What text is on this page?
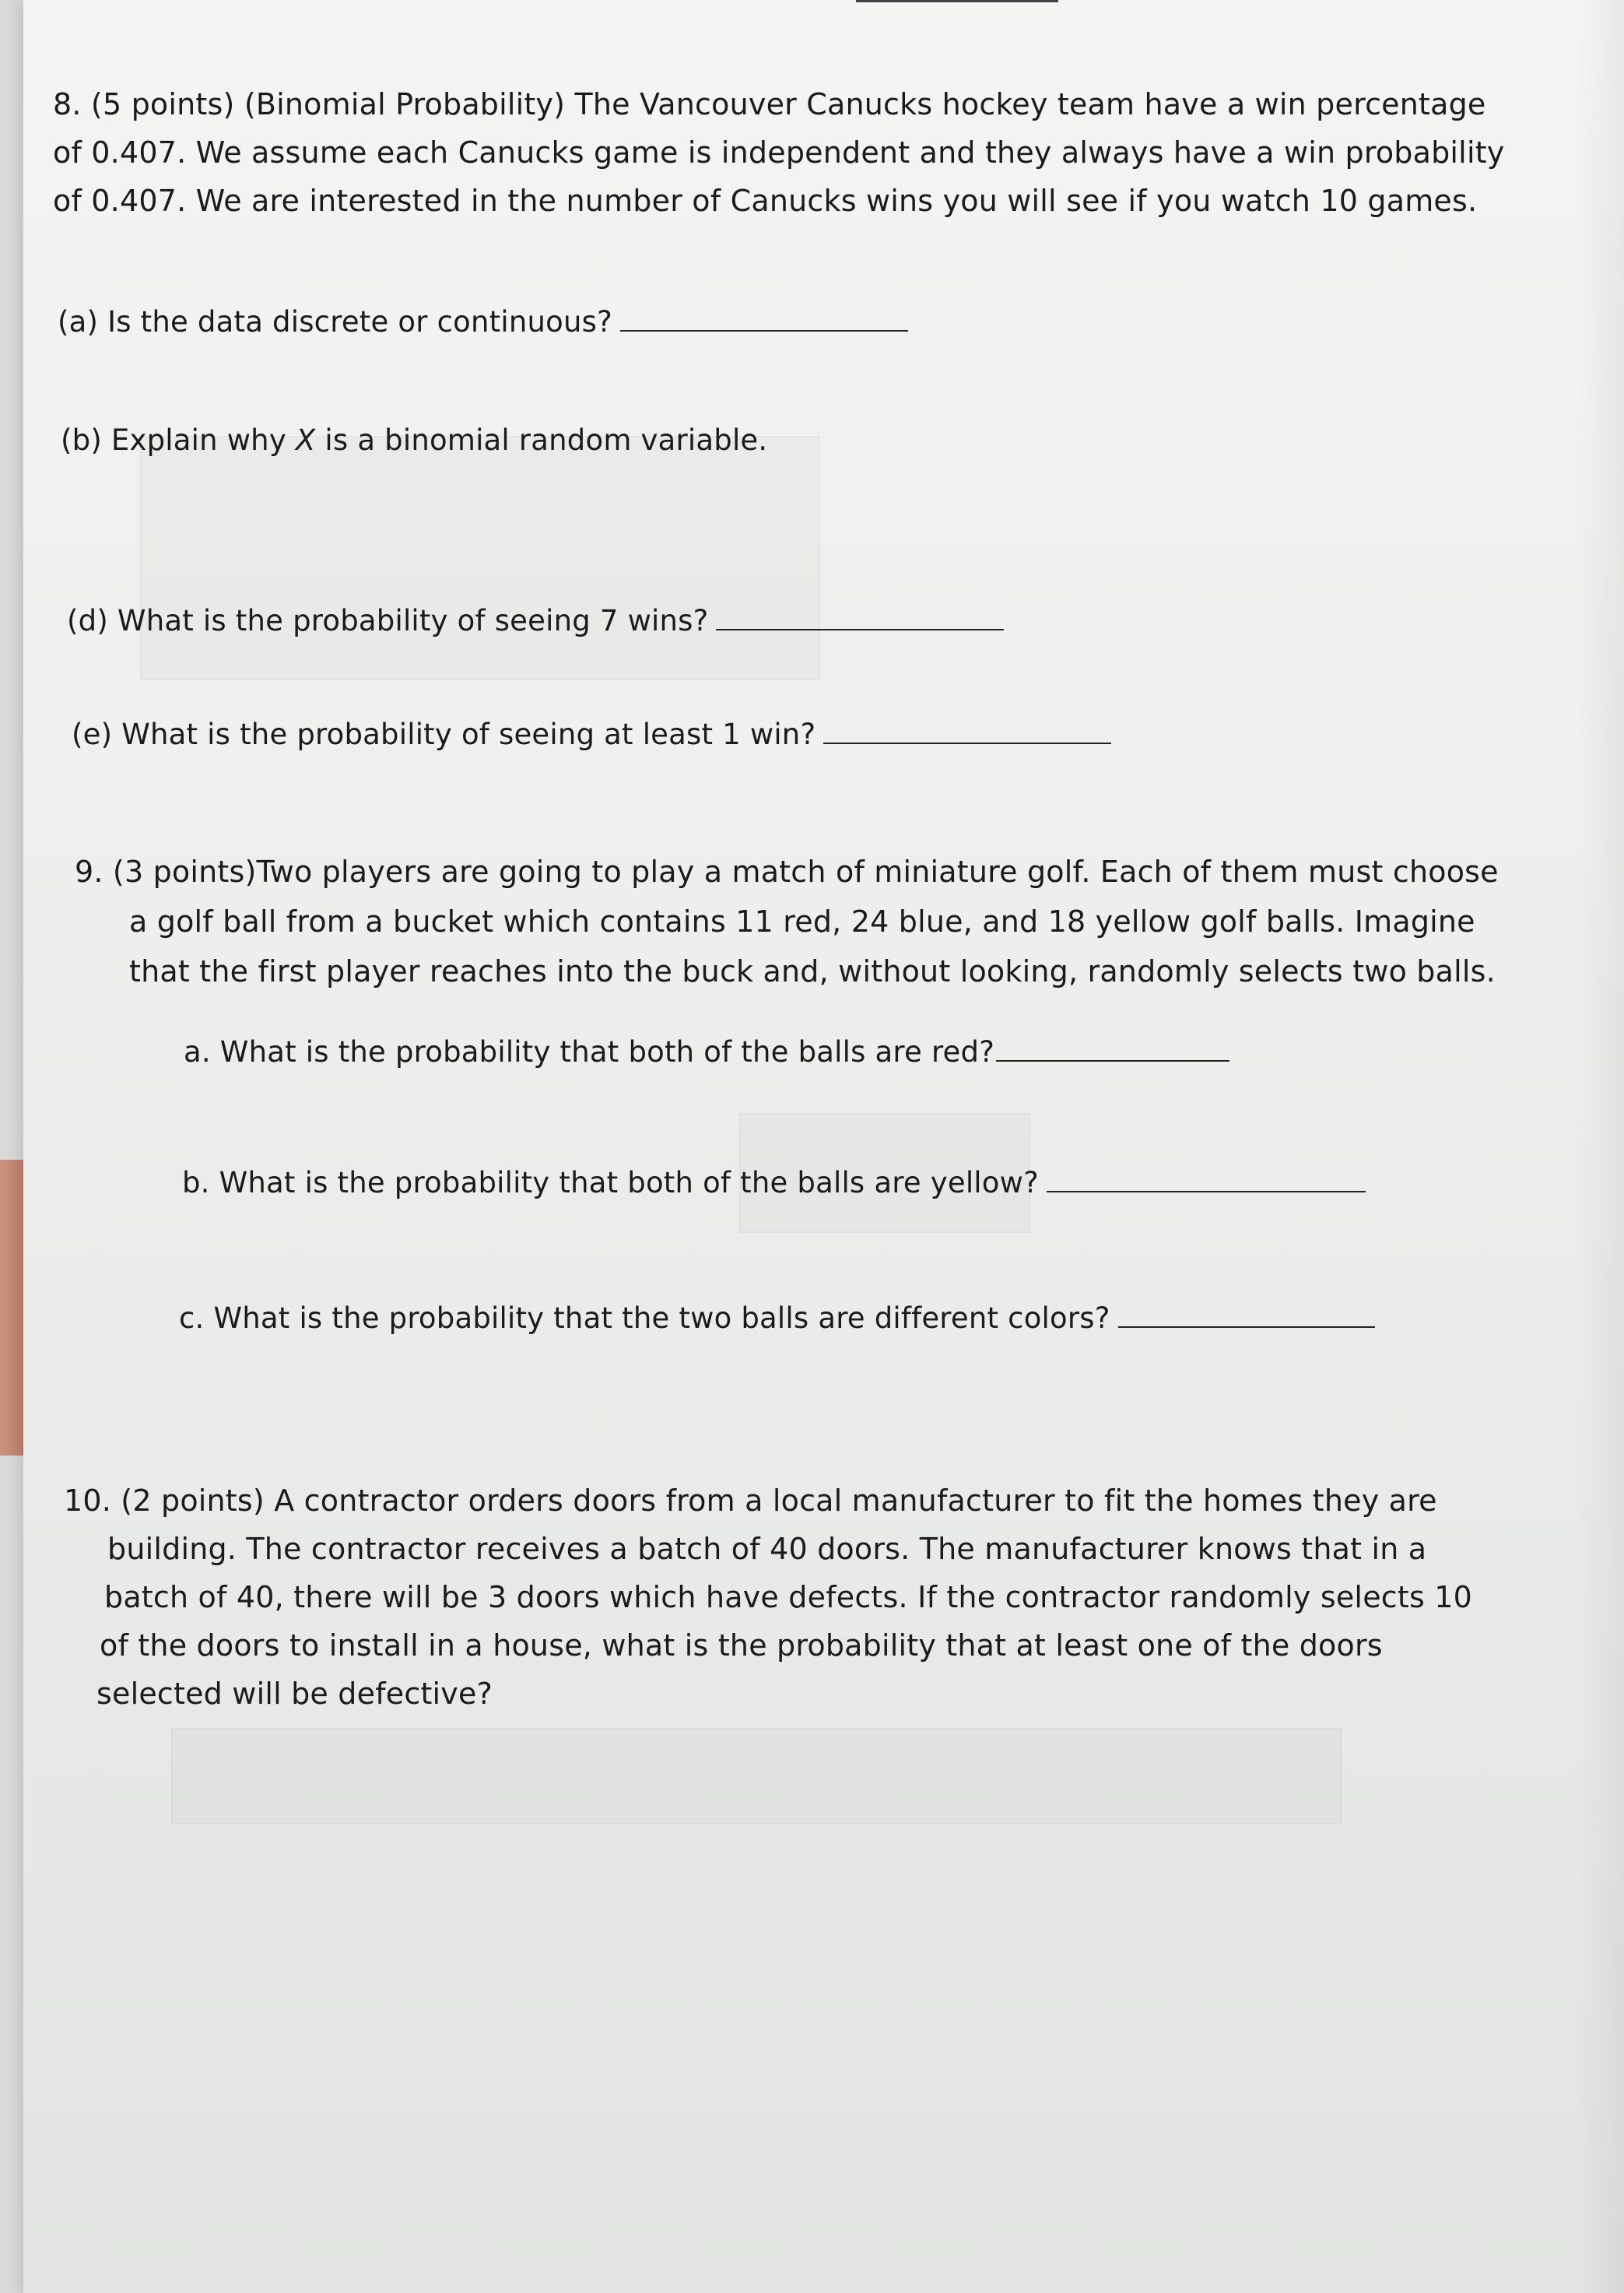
8. (5 points) (Binomial Probability) The Vancouver Canucks hockey team have a win percentage
of 0.407. We assume each Canucks game is independent and they always have a win probability
of 0.407. We are interested in the number of Canucks wins you will see if you watch 10 games.
(a) Is the data discrete or continuous?
(b) Explain why X is a binomial random variable.
(d) What is the probability of seeing 7 wins?
(e) What is the probability of seeing at least 1 win?
9. (3 points)Two players are going to play a match of miniature golf. Each of them must choose
a golf ball from a bucket which contains 11 red, 24 blue, and 18 yellow golf balls. Imagine
that the first player reaches into the buck and, without looking, randomly selects two balls.
a. What is the probability that both of the balls are red?
b. What is the probability that both of the balls are yellow?
c. What is the probability that the two balls are different colors?
10. (2 points) A contractor orders doors from a local manufacturer to fit the homes they are
building. The contractor receives a batch of 40 doors. The manufacturer knows that in a
batch of 40, there will be 3 doors which have defects. If the contractor randomly selects 10
of the doors to install in a house, what is the probability that at least one of the doors
selected will be defective?
